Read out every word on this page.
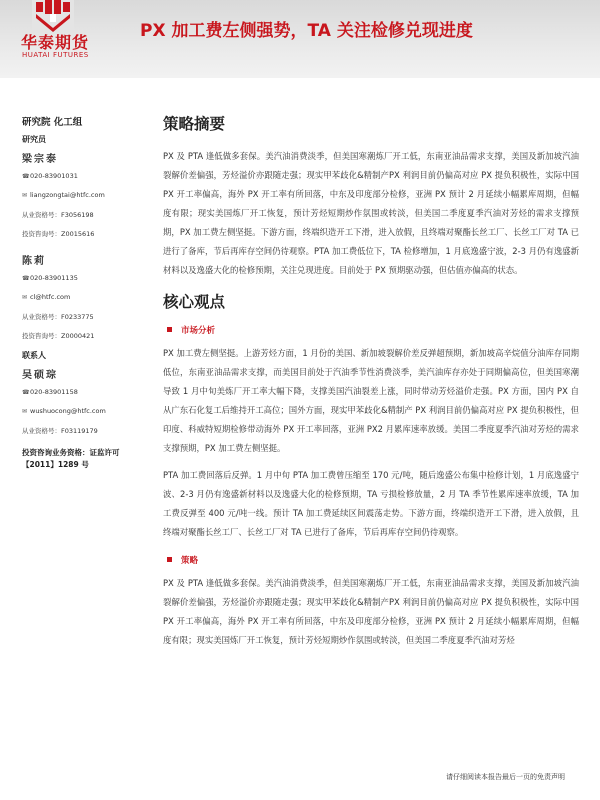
华泰期货
HUATAI FUTURES
PX 加工费左侧强势，TA 关注检修兑现进度
研究院 化工组
研究员
梁宗泰
☎020-83901031
✉ liangzongtai@htfc.com
从业资格号：F3056198
投资咨询号：Z0015616
陈莉
☎020-83901135
✉ cl@htfc.com
从业资格号：F0233775
投资咨询号：Z0000421
联系人
吴硕琮
☎020-83901158
✉ wushuocong@htfc.com
从业资格号：F03119179
投资咨询业务资格：证监许可【2011】1289 号
策略摘要

PX 及 PTA 逢低做多套保。美汽油消费淡季，但美国寒潮炼厂开工低，东南亚油品需求支撑，美国及新加坡汽油裂解价差偏强，芳烃溢价亦跟随走强；现实甲苯歧化&精制产PX 利润目前仍偏高对应 PX 提负积极性，实际中国 PX 开工率偏高，海外 PX 开工率有所回落，中东及印度部分检修，亚洲 PX 预计 2 月延续小幅累库周期，但幅度有限；现实美国炼厂开工恢复，预计芳烃短期炒作氛围或转淡，但美国二季度夏季汽油对芳烃的需求支撑预期，PX 加工费左侧坚挺。下游方面，终端织造开工下滑，进入放假，且终端对聚酯长丝工厂、长丝工厂对 TA 已进行了备库，节后再库存空间仍待观察。PTA 加工费低位下，TA 检修增加，1 月底逸盛宁波，2-3 月仍有逸盛新材料以及逸盛大化的检修预期，关注兑现进度。目前处于 PX 预期驱动强，但估值亦偏高的状态。

核心观点
市场分析

PX 加工费左侧坚挺。上游芳烃方面，1 月份的美国、新加坡裂解价差反弹超预期，新加坡高辛烷值分油库存同期低位，东南亚油品需求支撑，而美国目前处于汽油季节性消费淡季，美汽油库存亦处于同期偏高位，但美国寒潮导致 1 月中旬美炼厂开工率大幅下降，支撑美国汽油裂差上涨，同时带动芳烃溢价走强。PX 方面，国内 PX 自从广东石化复工后维持开工高位；国外方面，现实甲苯歧化&精制产 PX 利润目前仍偏高对应 PX 提负积极性，但印度、科威特短期检修带动海外 PX 开工率回落，亚洲 PX2 月累库速率放缓。美国二季度夏季汽油对芳烃的需求支撑预期，PX 加工费左侧坚挺。

PTA 加工费回落后反弹。1 月中旬 PTA 加工费曾压缩至 170 元/吨，随后逸盛公布集中检修计划，1 月底逸盛宁波、2-3 月仍有逸盛新材料以及逸盛大化的检修预期，TA 亏损检修放量，2 月 TA 季节性累库速率放缓，TA 加工费反弹至 400 元/吨一线。预计 TA 加工费延续区间震荡走势。下游方面，终端织造开工下滑，进入放假，且终端对聚酯长丝工厂、长丝工厂对 TA 已进行了备库，节后再库存空间仍待观察。

策略

PX 及 PTA 逢低做多套保。美汽油消费淡季，但美国寒潮炼厂开工低，东南亚油品需求支撑，美国及新加坡汽油裂解价差偏强，芳烃溢价亦跟随走强；现实甲苯歧化&精制产PX 利润目前仍偏高对应 PX 提负积极性，实际中国 PX 开工率偏高，海外 PX 开工率有所回落，中东及印度部分检修，亚洲 PX 预计 2 月延续小幅累库周期，但幅度有限；现实美国炼厂开工恢复，预计芳烃短期炒作氛围或转淡，但美国二季度夏季汽油对芳烃

请仔细阅读本报告最后一页的免责声明
